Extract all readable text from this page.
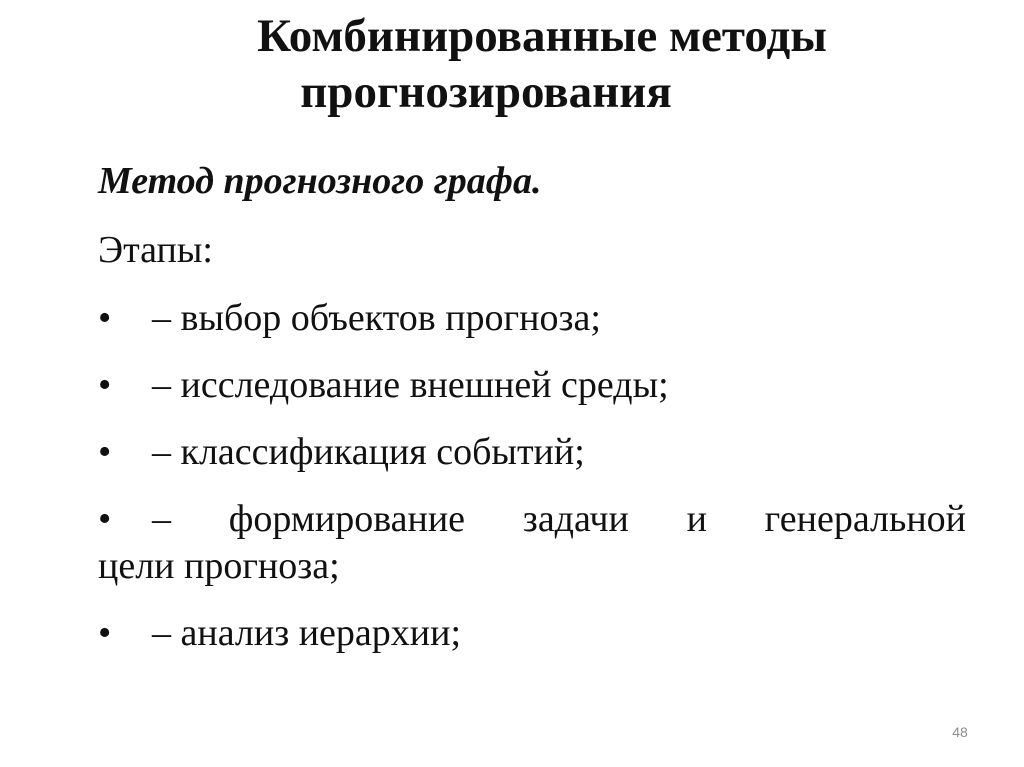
Комбинированные методы
прогнозирования

Метод прогнозного графа.

Этапы:

•	– выбор объектов прогноза;
•	– исследование внешней среды;
•	– классификация событий;
•	– формирование задачи и генеральной
цели прогноза;
•	– анализ иерархии;
48
